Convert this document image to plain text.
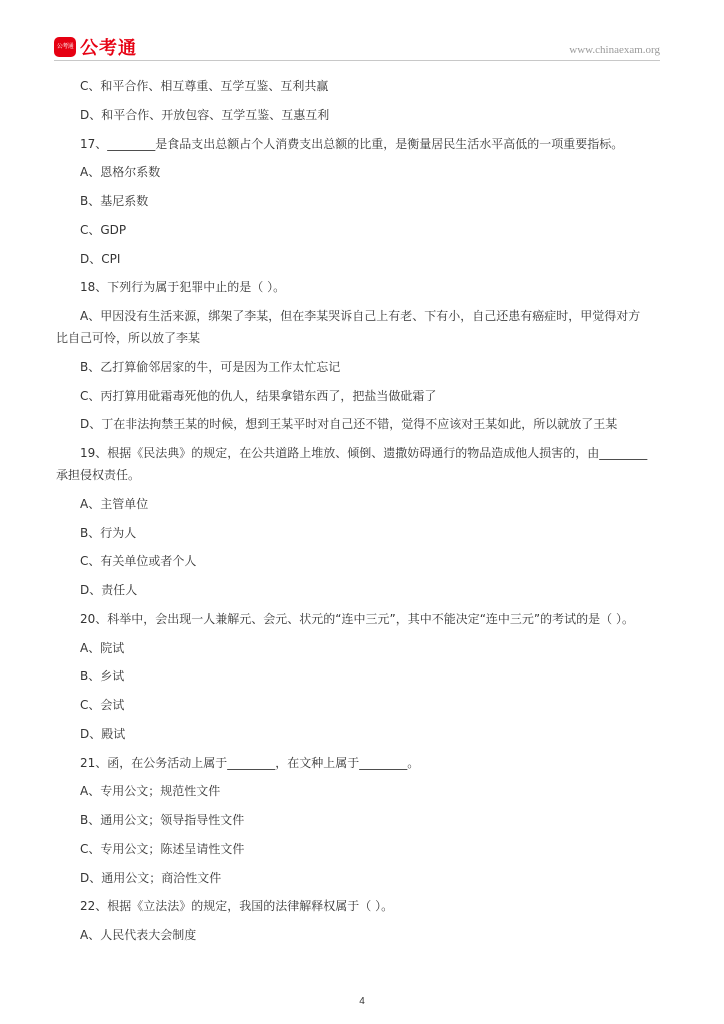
公考通 公考通	www.chinaexam.org
C、和平合作、相互尊重、互学互鉴、互利共赢
D、和平合作、开放包容、互学互鉴、互惠互利
17、________是食品支出总额占个人消费支出总额的比重，是衡量居民生活水平高低的一项重要指标。
A、恩格尔系数
B、基尼系数
C、GDP
D、CPI
18、下列行为属于犯罪中止的是（ ）。
A、甲因没有生活来源，绑架了李某，但在李某哭诉自己上有老、下有小，自己还患有癌症时，甲觉得对方
比自己可怜，所以放了李某
B、乙打算偷邻居家的牛，可是因为工作太忙忘记
C、丙打算用砒霜毒死他的仇人，结果拿错东西了，把盐当做砒霜了
D、丁在非法拘禁王某的时候，想到王某平时对自己还不错，觉得不应该对王某如此，所以就放了王某
19、根据《民法典》的规定，在公共道路上堆放、倾倒、遗撒妨碍通行的物品造成他人损害的，由________
承担侵权责任。
A、主管单位
B、行为人
C、有关单位或者个人
D、责任人
20、科举中，会出现一人兼解元、会元、状元的“连中三元”，其中不能决定“连中三元”的考试的是（ ）。
A、院试
B、乡试
C、会试
D、殿试
21、函，在公务活动上属于________，在文种上属于________。
A、专用公文；规范性文件
B、通用公文；领导指导性文件
C、专用公文；陈述呈请性文件
D、通用公文；商洽性文件
22、根据《立法法》的规定，我国的法律解释权属于（ ）。
A、人民代表大会制度
4
